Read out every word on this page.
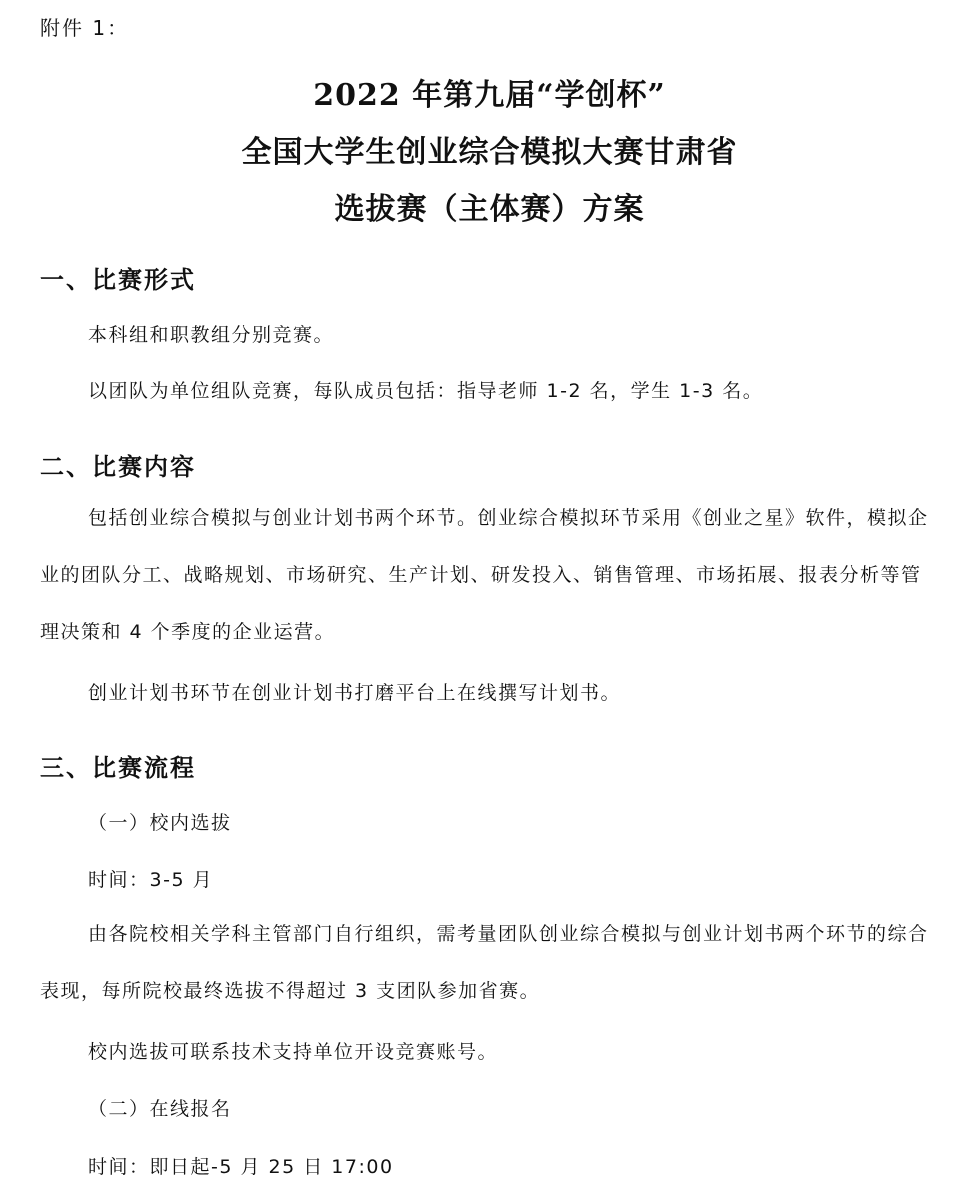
附件 1：
2022 年第九届“学创杯”
全国大学生创业综合模拟大赛甘肃省
选拔赛（主体赛）方案
一、比赛形式
本科组和职教组分别竞赛。
以团队为单位组队竞赛，每队成员包括：指导老师 1-2 名，学生 1-3 名。
二、比赛内容
包括创业综合模拟与创业计划书两个环节。创业综合模拟环节采用《创业之星》软件，模拟企业的团队分工、战略规划、市场研究、生产计划、研发投入、销售管理、市场拓展、报表分析等管理决策和 4 个季度的企业运营。
创业计划书环节在创业计划书打磨平台上在线撰写计划书。
三、比赛流程
（一）校内选拔
时间：3-5 月
由各院校相关学科主管部门自行组织，需考量团队创业综合模拟与创业计划书两个环节的综合表现，每所院校最终选拔不得超过 3 支团队参加省赛。
校内选拔可联系技术支持单位开设竞赛账号。
（二）在线报名
时间：即日起-5 月 25 日 17:00
